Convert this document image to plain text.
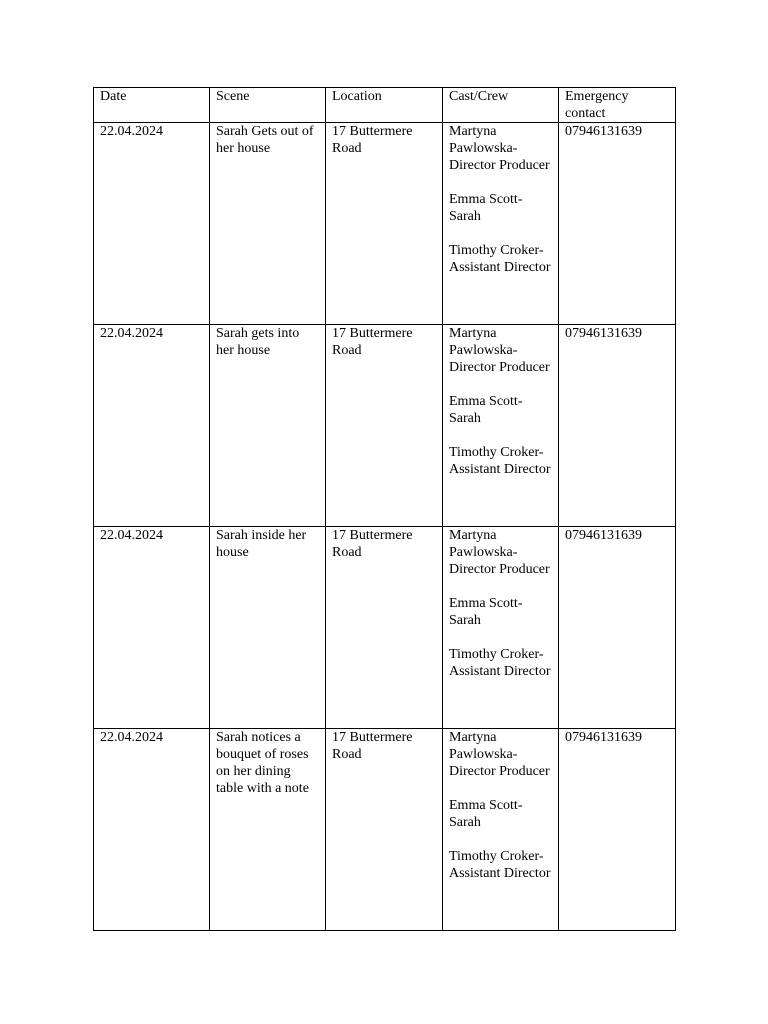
Date	Scene	Location	Cast/Crew	Emergency contact
22.04.2024	Sarah Gets out of her house	17 Buttermere Road	Martyna Pawlowska- Director Producer
Emma Scott- Sarah
Timothy Croker- Assistant Director	07946131639
22.04.2024	Sarah gets into her house	17 Buttermere Road	Martyna Pawlowska- Director Producer
Emma Scott- Sarah
Timothy Croker- Assistant Director	07946131639
22.04.2024	Sarah inside her house	17 Buttermere Road	Martyna Pawlowska- Director Producer
Emma Scott- Sarah
Timothy Croker- Assistant Director	07946131639
22.04.2024	Sarah notices a bouquet of roses on her dining table with a note	17 Buttermere Road	Martyna Pawlowska- Director Producer
Emma Scott- Sarah
Timothy Croker- Assistant Director	07946131639
